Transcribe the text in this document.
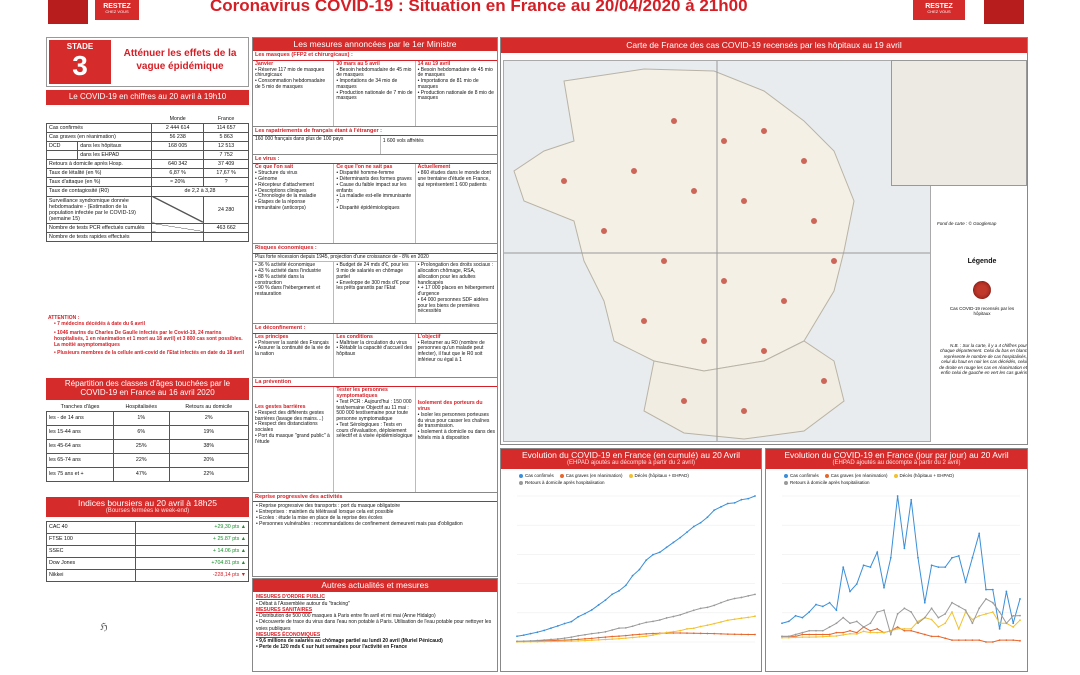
RESTEZ
CHEZ VOUS	Coronavirus COVID-19 : Situation en France au 20/04/2020 à 21h00	RESTEZ
CHEZ VOUS
STADE
3	Atténuer les effets de la vague épidémique
Le COVID-19 en chiffres au 20 avril à 19h10
	Monde	France
Cas confirmés	2 444 614	114 657
Cas graves (en réanimation)	56 238	5 863

DCD dans les hôpitaux	168 005	12 513

dans les EHPAD		7 752
Retours à domicile après Hosp.	640 342	37 409
Taux de létalité (en %)	6,87 %	17,67 %
Taux d'attaque (en %)	≈ 20%	?
Taux de contagiosité (R0)	de 2,2 à 3,28	
Surveillance syndromique donnée hebdomadaire - (Estimation de la population infectée par le COVID-19) (semaine 15)		24 280
Nombre de tests PCR effectués cumulés		463 662
Nombre de tests rapides effectués		
ATTENTION :
• 7 médecins décédés à date du 6 avril
• 1046 marins du Charles De Gaulle infectés par le Covid-19, 24 marins hospitalisés, 1 en réanimation et 1 mort au 18 avril) et 3 800 cas sont possibles. La moitié asymptomatiques
• Plusieurs membres de la cellule anti-covid de l'Etat infectés en date du 18 avril
Répartition des classes d'âges touchées par le COVID-19 en France au 16 avril 2020
Tranches d'âges	Hospitalisées	Retours au domicile
les - de 14 ans	1%	2%
les 15-44 ans	6%	19%
les 45-64 ans	25%	38%
les 65-74 ans	22%	20%
les 75 ans et +	47%	22%
Indices boursiers au 20 avril à 18h25
(Bourses fermées le week-end)
CAC 40	+29,30 pts ▲
FTSE 100	+ 25.87 pts ▲
SSEC	+ 14.06 pts ▲
Dow Jones	+704.81 pts ▲
Nikkei	-228,14 pts ▼
Les mesures annoncées par le 1er Ministre
Les masques (FFP2 et chirurgicaux) :
Janvier
• Réserve 117 mio de masques chirurgicaux
• Consommation hebdomadaire de 5 mio de masques
30 mars au 5 avril
• Besoin hebdomadaire de 45 mio de masques
• Importations de 34 mio de masques
• Production nationale de 7 mio de masques
14 au 19 avril
• Besoin hebdomadaire de 45 mio de masques
• Importations de 81 mio de masques
• Production nationale de 8 mio de masques
Les rapatriements de français étant à l'étranger :
160 000 français dans plus de 100 pays	1 600 vols affrétés
Le virus :
Ce que l'on sait
• Structure du virus
• Génome
• Récepteur d'attachement
• Descriptions cliniques
• Chronologie de la maladie
• Étapes de la réponse immunitaire (anticorps)
Ce que l'on ne sait pas
• Disparité homme-femme
• Déterminants des formes graves
• Cause du faible impact sur les enfants
• La maladie est-elle immunisante ?
• Disparité épidémiologiques
Actuellement
• 860 études dans le monde dont une trentaine d'étude en France, qui représentent 1 600 patients
Risques économiques :
Plus forte récession depuis 1945, projection d'une croissance de - 8% en 2020
• 36 % activité économique
• 43 % activité dans l'industrie
• 88 % activité dans la construction
• 90 % dans l'hébergement et restauration
• Budget de 24 mds d'€, pour les 9 mio de salariés en chômage partiel
• Enveloppe de 300 mds d'€ pour les prêts garantis par l'Etat
• Prolongation des droits sociaux : allocation chômage, RSA, allocation pour les adultes handicapés
• + 17 000 places en hébergement d'urgence
• 64 000 personnes SDF aidées pour les biens de premières nécessités
Le déconfinement :
Les principes
• Préserver la santé des Français
• Assurer la continuité de la vie de la nation
Les conditions
• Maîtriser la circulation du virus
• Rétablir la capacité d'accueil des hôpitaux
L'objectif
• Retourner au R0 (nombre de personnes qu'un malade peut infecter), il faut que le R0 soit inférieur ou égal à 1
La prévention
Les gestes barrières
• Respect des différents gestes barrières (lavage des mains…)
• Respect des distanciations sociales
• Port du masque "grand public" à l'étude
Tester les personnes symptomatiques
• Test PCR : Aujourd'hui : 150 000 test/semaine Objectif au 11 mai : 500 000 test/semaine pour toute personne symptomatique
• Test Sérologiques : Tests en cours d'évaluation, déploiement sélectif et à visée épidémiologique
Isolement des porteurs du virus
• Isoler les personnes porteuses du virus pour casser les chaînes de transmission.
• Isolement à domicile ou dans des hôtels mis à disposition
Reprise progressive des activités
• Reprise progressive des transports : port du masque obligatoire
• Entreprises : maintien du télétravail lorsque cela est possible
• Ecoles : étude la mise en place de la reprise des écoles
• Personnes vulnérables : recommandations de confinement demeurent mais pas d'obligation
Autres actualités et mesures
MESURES D'ORDRE PUBLIC
• Débat à l'Assemblée autour du "tracking"
MESURES SANITAIRES
• Distribution de 500 000 masques à Paris entre fin avril et mi mai (Anne Hidalgo)
• Découverte de trace du virus dans l'eau non potable à Paris. Utilisation de l'eau potable pour nettoyer les voies publiques
MESURES ÉCONOMIQUES
• 9,6 millions de salariés au chômage partiel au lundi 20 avril (Muriel Pénicaud)
• Perte de 120 mds € sur huit semaines pour l'activité en France
Carte de France des cas COVID-19 recensés par les hôpitaux au 19 avril
Fond de carte : © Googlemap
Légende
Cas COVID-19 recensés par les hôpitaux
N.B. : Sur la carte, il y a 4 chiffres pour chaque département. Celui du bas en blanc représente le nombre de cas hospitalisés, celui du haut en noir les cas décédés, celui de droite en rouge les cas en réanimation et enfin celui de gauche en vert les cas guéris
Evolution du COVID-19 en France (en cumulé) au 20 Avril
(EHPAD ajoutés au décompte à partir du 2 avril)
Cas confirmés	Cas graves (en réanimation)	Décès (hôpitaux + EHPAD)Retours à domicile après hospitalisation
Evolution du COVID-19 en France (jour par jour) au 20 Avril
(EHPAD ajoutés au décompte à partir du 2 avril)
Cas confirmés	Cas graves (en réanimation)	Décès (hôpitaux + EHPAD)Retours à domicile après hospitalisation
ℌ
